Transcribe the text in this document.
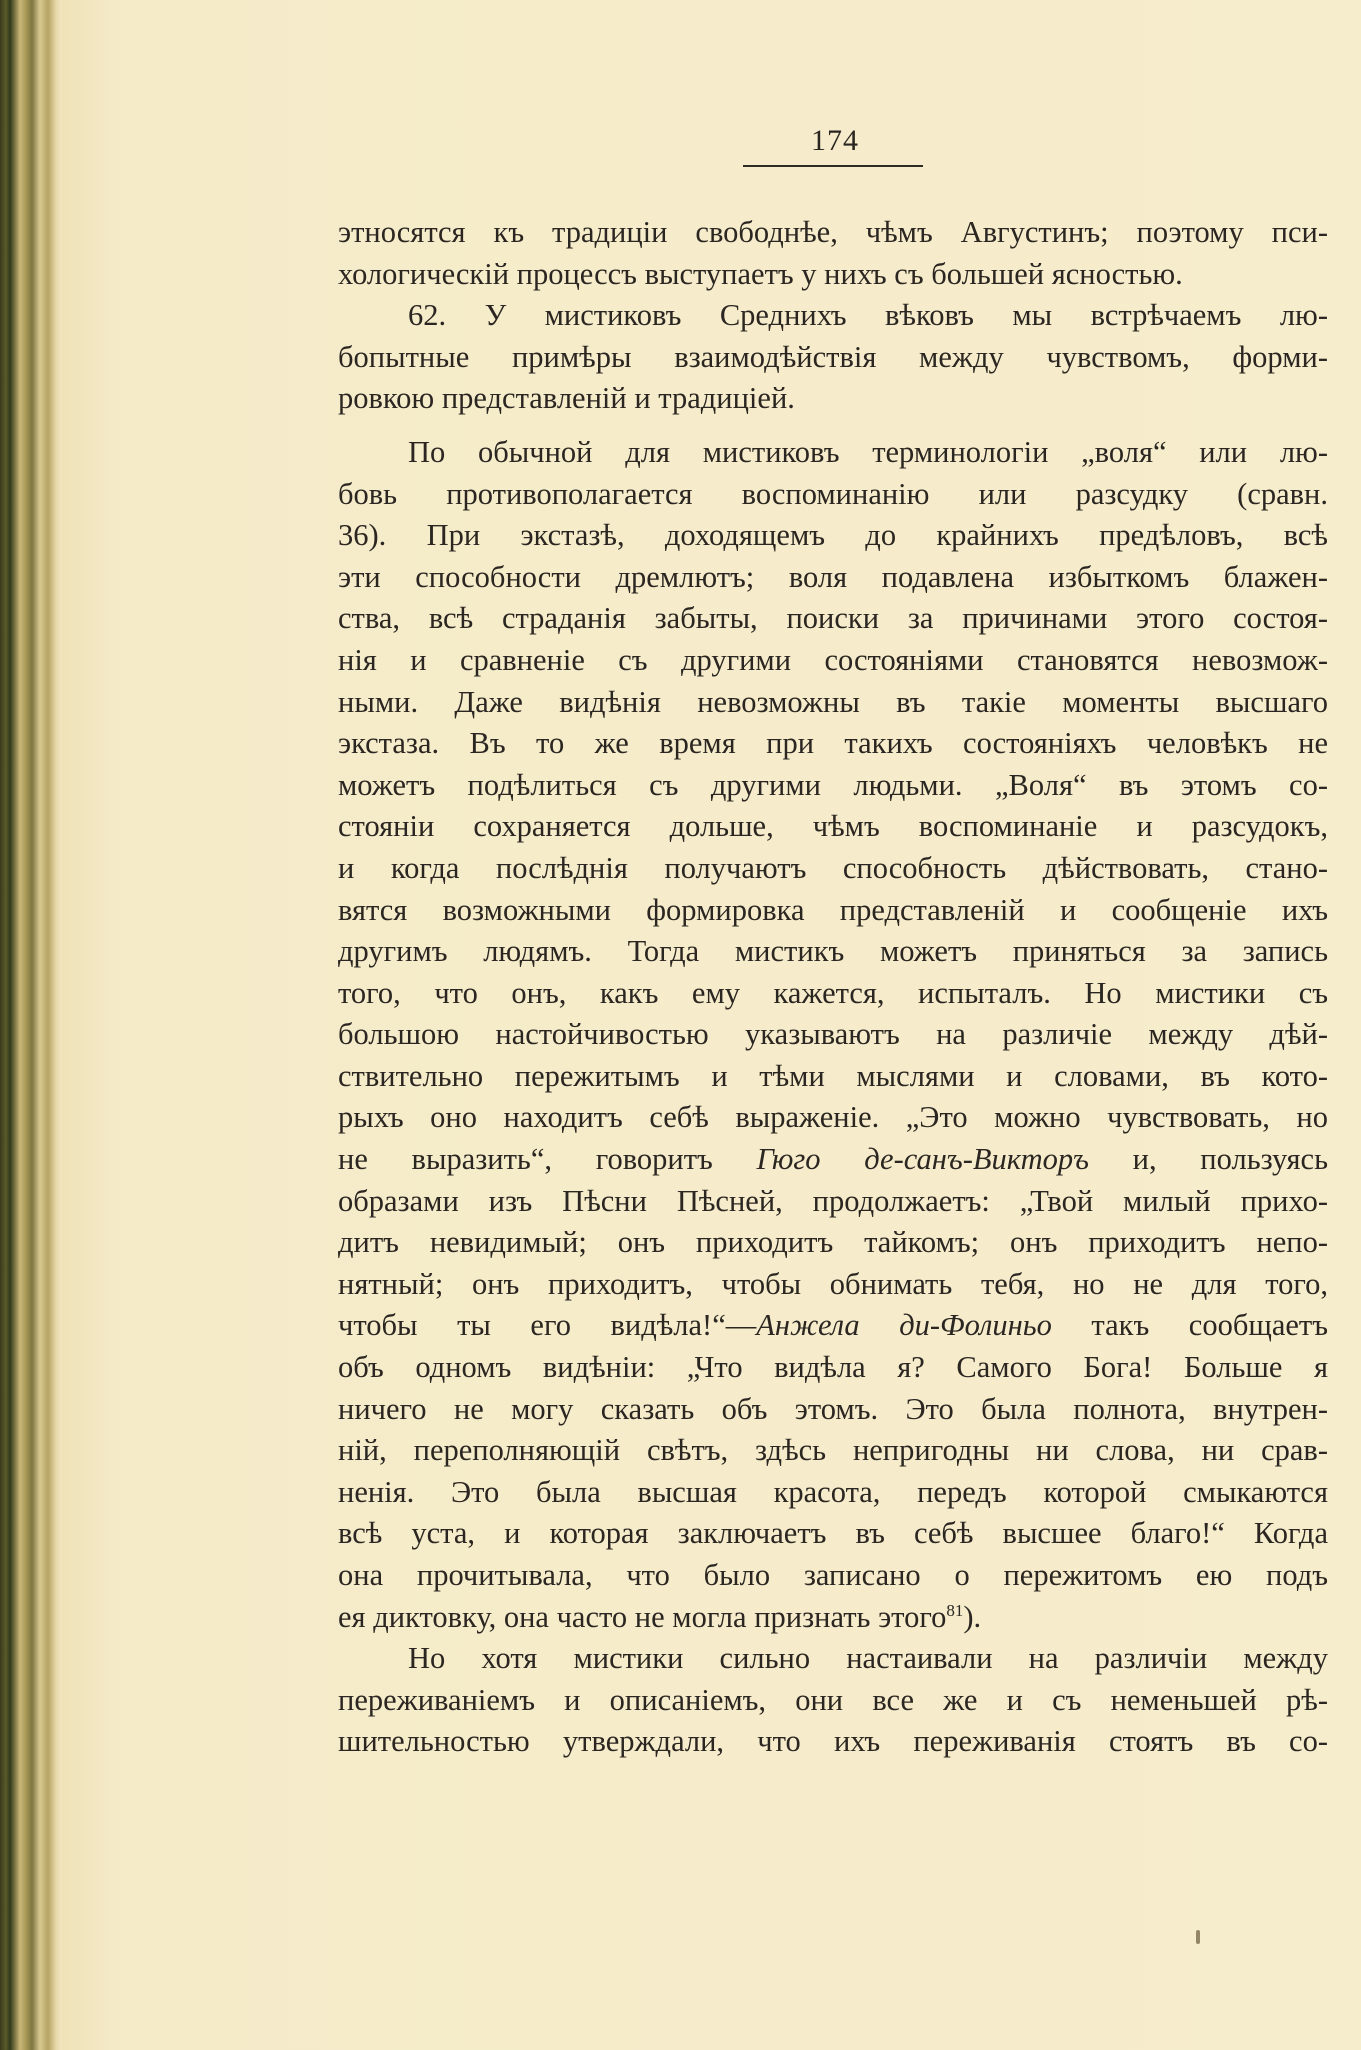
174
этносятся къ традиціи свободнѣе, чѣмъ Августинъ; поэтому пси-
хологическій процессъ выступаетъ у нихъ съ большей ясностью.
62. У мистиковъ Среднихъ вѣковъ мы встрѣчаемъ лю-
бопытные примѣры взаимодѣйствія между чувствомъ, форми-
ровкою представленій и традиціей.
По обычной для мистиковъ терминологіи „воля“ или лю-
бовь противополагается воспоминанію или разсудку (сравн.
36). При экстазѣ, доходящемъ до крайнихъ предѣловъ, всѣ
эти способности дремлютъ; воля подавлена избыткомъ блажен-
ства, всѣ страданія забыты, поиски за причинами этого состоя-
нія и сравненіе съ другими состояніями становятся невозмож-
ными. Даже видѣнія невозможны въ такіе моменты высшаго
экстаза. Въ то же время при такихъ состояніяхъ человѣкъ не
можетъ подѣлиться съ другими людьми. „Воля“ въ этомъ со-
стояніи сохраняется дольше, чѣмъ воспоминаніе и разсудокъ,
и когда послѣднія получаютъ способность дѣйствовать, стано-
вятся возможными формировка представленій и сообщеніе ихъ
другимъ людямъ. Тогда мистикъ можетъ приняться за запись
того, что онъ, какъ ему кажется, испыталъ. Но мистики съ
большою настойчивостью указываютъ на различіе между дѣй-
ствительно пережитымъ и тѣми мыслями и словами, въ кото-
рыхъ оно находитъ себѣ выраженіе. „Это можно чувствовать, но
не выразить“, говоритъ Гюго де-санъ-Викторъ и, пользуясь
образами изъ Пѣсни Пѣсней, продолжаетъ: „Твой милый прихо-
дитъ невидимый; онъ приходитъ тайкомъ; онъ приходитъ непо-
нятный; онъ приходитъ, чтобы обнимать тебя, но не для того,
чтобы ты его видѣла!“—Анжела ди-Фолиньо такъ сообщаетъ
объ одномъ видѣніи: „Что видѣла я? Самого Бога! Больше я
ничего не могу сказать объ этомъ. Это была полнота, внутрен-
ній, переполняющій свѣтъ, здѣсь непригодны ни слова, ни срав-
ненія. Это была высшая красота, передъ которой смыкаются
всѣ уста, и которая заключаетъ въ себѣ высшее благо!“ Когда
она прочитывала, что было записано о пережитомъ ею подъ
ея диктовку, она часто не могла признать этого$^{81}$).
Но хотя мистики сильно настаивали на различіи между
переживаніемъ и описаніемъ, они все же и съ неменьшей рѣ-
шительностью утверждали, что ихъ переживанія стоятъ въ со-
